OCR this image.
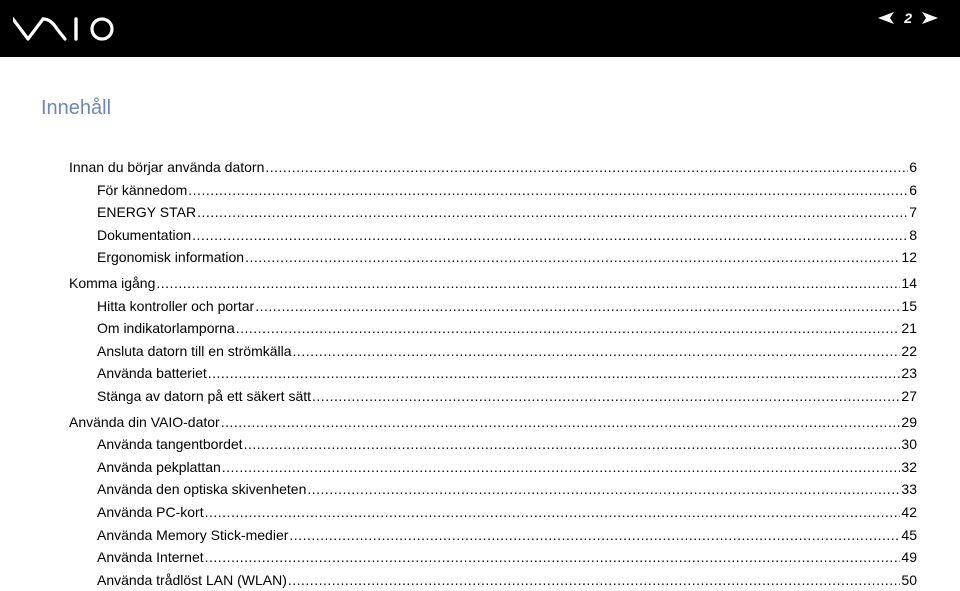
2
Innehåll
Innan du börjar använda datorn .....	6
För kännedom .....	6
ENERGY STAR .....	7
Dokumentation .....	8
Ergonomisk information .....	12
Komma igång .....	14
Hitta kontroller och portar .....	15
Om indikatorlamporna .....	21
Ansluta datorn till en strömkälla .....	22
Använda batteriet .....	23
Stänga av datorn på ett säkert sätt .....	27
Använda din VAIO-dator .....	29
Använda tangentbordet .....	30
Använda pekplattan .....	32
Använda den optiska skivenheten .....	33
Använda PC-kort .....	42
Använda Memory Stick-medier .....	45
Använda Internet .....	49
Använda trådlöst LAN (WLAN) .....	50
